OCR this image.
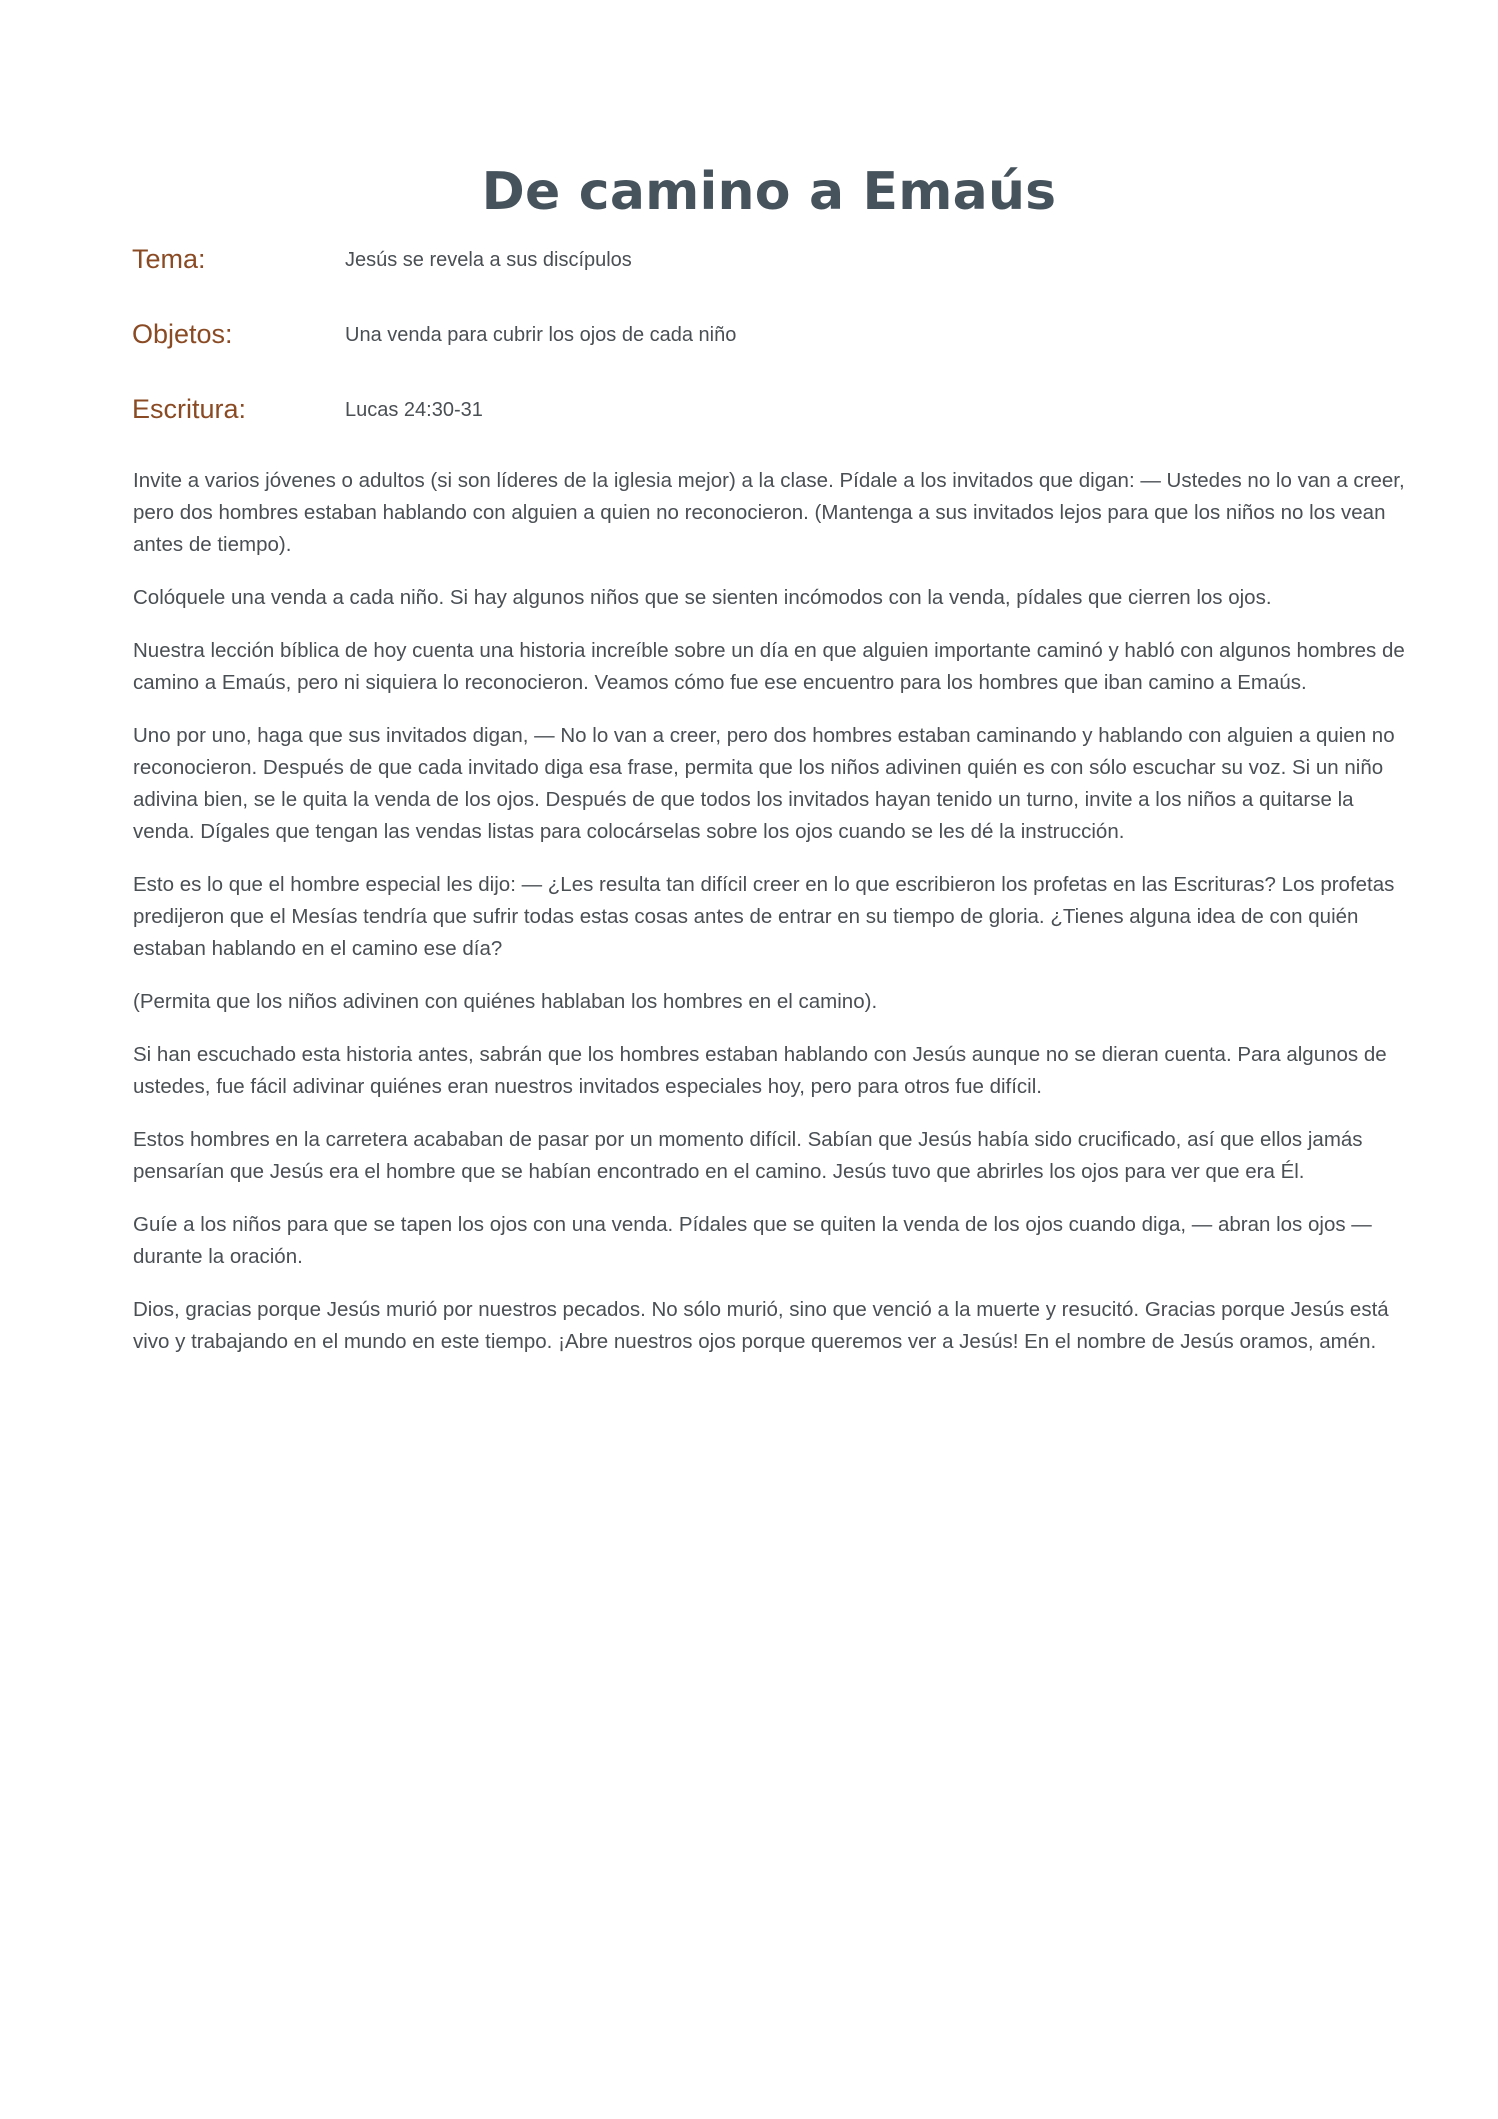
De camino a Emaús
Tema:	Jesús se revela a sus discípulos
Objetos:	Una venda para cubrir los ojos de cada niño
Escritura:	Lucas 24:30-31

Invite a varios jóvenes o adultos (si son líderes de la iglesia mejor) a la clase. Pídale a los invitados que digan: — Ustedes no lo van a creer, pero dos hombres estaban hablando con alguien a quien no reconocieron. (Mantenga a sus invitados lejos para que los niños no los vean antes de tiempo).

Colóquele una venda a cada niño. Si hay algunos niños que se sienten incómodos con la venda, pídales que cierren los ojos.

Nuestra lección bíblica de hoy cuenta una historia increíble sobre un día en que alguien importante caminó y habló con algunos hombres de camino a Emaús, pero ni siquiera lo reconocieron. Veamos cómo fue ese encuentro para los hombres que iban camino a Emaús.

Uno por uno, haga que sus invitados digan, — No lo van a creer, pero dos hombres estaban caminando y hablando con alguien a quien no reconocieron. Después de que cada invitado diga esa frase, permita que los niños adivinen quién es con sólo escuchar su voz. Si un niño adivina bien, se le quita la venda de los ojos. Después de que todos los invitados hayan tenido un turno, invite a los niños a quitarse la venda. Dígales que tengan las vendas listas para colocárselas sobre los ojos cuando se les dé la instrucción.

Esto es lo que el hombre especial les dijo: — ¿Les resulta tan difícil creer en lo que escribieron los profetas en las Escrituras? Los profetas predijeron que el Mesías tendría que sufrir todas estas cosas antes de entrar en su tiempo de gloria. ¿Tienes alguna idea de con quién estaban hablando en el camino ese día?

(Permita que los niños adivinen con quiénes hablaban los hombres en el camino).

Si han escuchado esta historia antes, sabrán que los hombres estaban hablando con Jesús aunque no se dieran cuenta. Para algunos de ustedes, fue fácil adivinar quiénes eran nuestros invitados especiales hoy, pero para otros fue difícil.

Estos hombres en la carretera acababan de pasar por un momento difícil. Sabían que Jesús había sido crucificado, así que ellos jamás pensarían que Jesús era el hombre que se habían encontrado en el camino. Jesús tuvo que abrirles los ojos para ver que era Él.

Guíe a los niños para que se tapen los ojos con una venda. Pídales que se quiten la venda de los ojos cuando diga, — abran los ojos — durante la oración.

Dios, gracias porque Jesús murió por nuestros pecados. No sólo murió, sino que venció a la muerte y resucitó. Gracias porque Jesús está vivo y trabajando en el mundo en este tiempo. ¡Abre nuestros ojos porque queremos ver a Jesús! En el nombre de Jesús oramos, amén.
